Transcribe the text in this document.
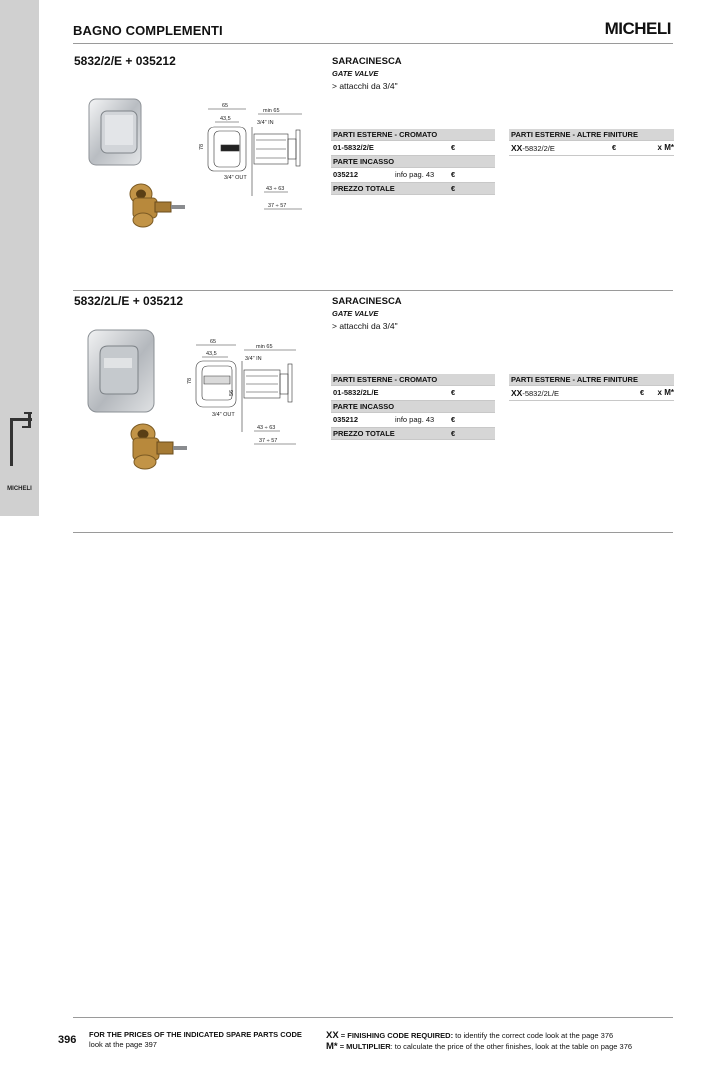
MICHELI
BAGNO COMPLEMENTI	MICHELI
5832/2/E + 035212	SARACINESCA
GATE VALVE
> attacchi da 3/4"
65
43,5
min 65
3/4" IN
78
3/4" OUT
43 ÷ 63
37 ÷ 57
PARTI ESTERNE - CROMATO
01-5832/2/E	€
PARTE INCASSO
035212	info pag. 43 €
PREZZO TOTALE	€
PARTI ESTERNE - ALTRE FINITURE
XX-5832/2/E	€	x M*
5832/2L/E + 035212	SARACINESCA
GATE VALVE
> attacchi da 3/4"
65
43,5
min 65
3/4" IN
78
56
3/4" OUT
43 ÷ 63
37 ÷ 57
PARTI ESTERNE - CROMATO
01-5832/2L/E	€
PARTE INCASSO
035212	info pag. 43 €
PREZZO TOTALE	€
PARTI ESTERNE - ALTRE FINITURE
XX-5832/2L/E	€ x M*
396 FOR THE PRICES OF THE INDICATED SPARE PARTS CODE
look at the page 397
XX = FINISHING CODE REQUIRED: to identify the correct code look at the page 376
M* = MULTIPLIER: to calculate the price of the other finishes, look at the table on page 376
